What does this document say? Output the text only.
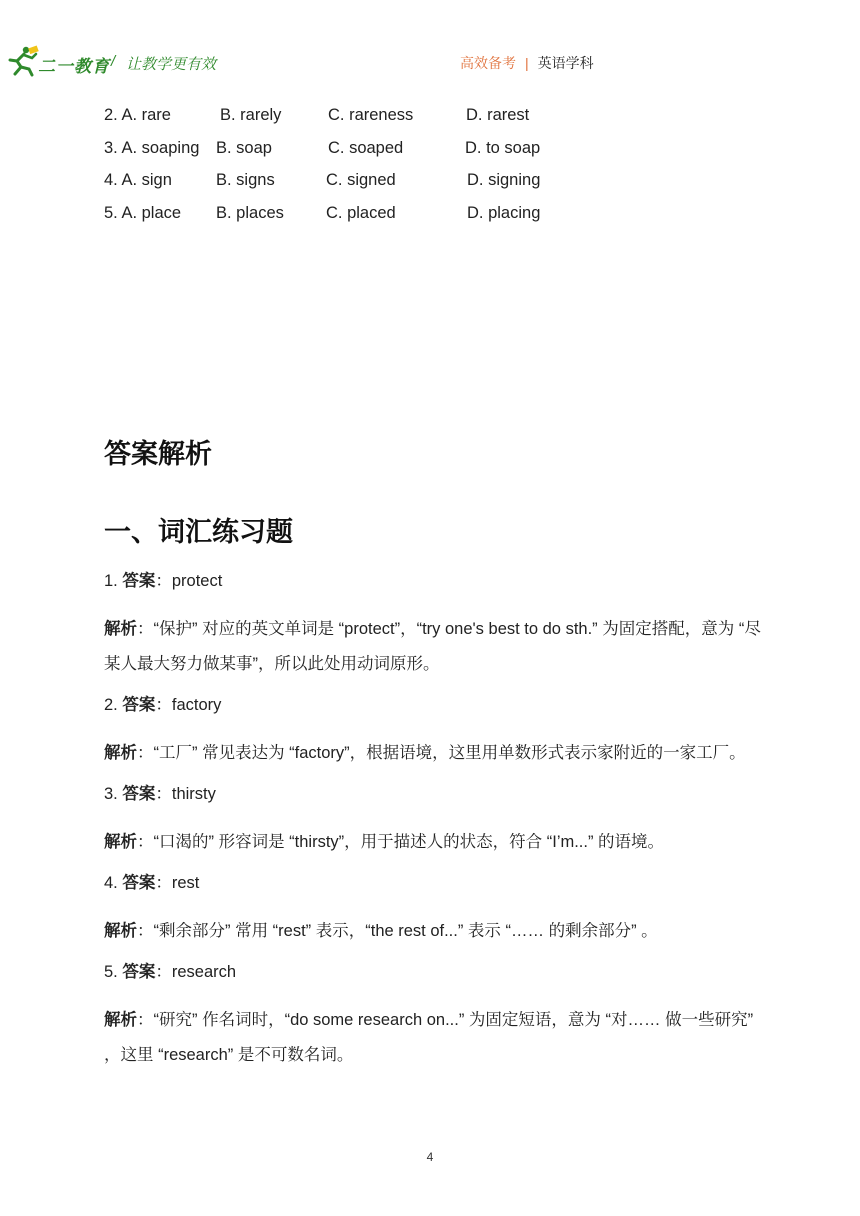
二一教育 / 让教学更有效	高效备考 | 英语学科
2. A. rare	B. rarely	C. rareness	D. rarest
3. A. soaping B. soap	C. soaped	D. to soap
4. A. sign	B. signs	C. signed	D. signing
5. A. place B. places	C. placed	D. placing
答案解析
一、词汇练习题

1. 答案：protect

解析：“保护” 对应的英文单词是 “protect”，“try one's best to do sth.” 为固定搭配，意为 “尽某人最大努力做某事”，所以此处用动词原形。

2. 答案：factory

解析：“工厂” 常见表达为 “factory”，根据语境，这里用单数形式表示家附近的一家工厂。

3. 答案：thirsty

解析：“口渴的” 形容词是 “thirsty”，用于描述人的状态，符合 “I’m...” 的语境。

4. 答案：rest

解析：“剩余部分” 常用 “rest” 表示，“the rest of...” 表示 “…… 的剩余部分” 。

5. 答案：research

解析：“研究” 作名词时，“do some research on...” 为固定短语，意为 “对…… 做一些研究” ，这里 “research” 是不可数名词。

4
